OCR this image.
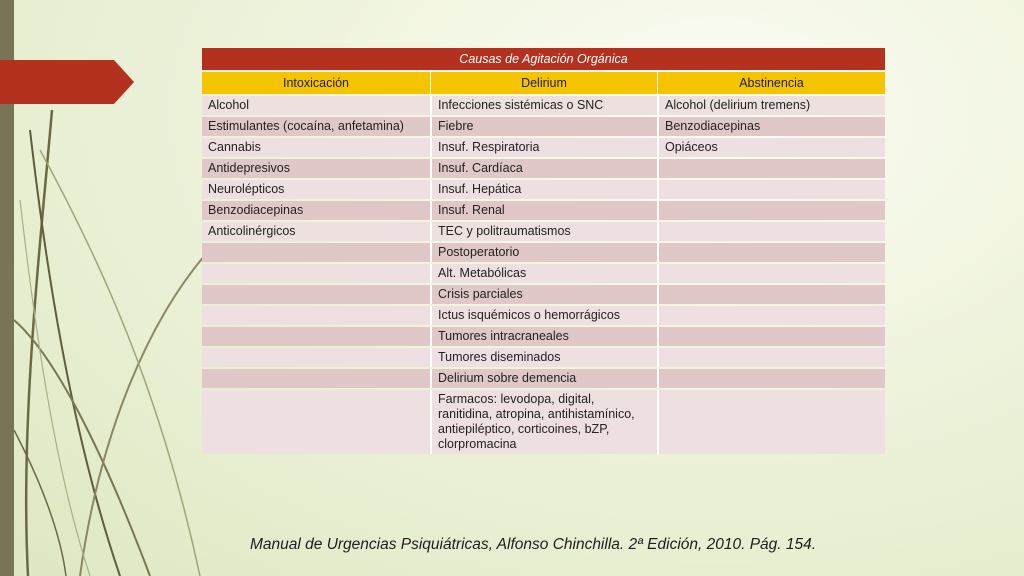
Causas de Agitación Orgánica		
Intoxicación	Delirium	Abstinencia
Alcohol	Infecciones sistémicas o SNC	Alcohol (delirium tremens)
Estimulantes (cocaína, anfetamina)	Fiebre	Benzodiacepinas
Cannabis	Insuf. Respiratoria	Opiáceos
Antidepresivos	Insuf. Cardíaca	
Neurolépticos	Insuf. Hepática	
Benzodiacepinas	Insuf. Renal	
Anticolinérgicos	TEC y politraumatismos	
	Postoperatorio	
	Alt. Metabólicas	
	Crisis parciales	
	Ictus isquémicos o hemorrágicos	
	Tumores intracraneales	
	Tumores diseminados	
	Delirium sobre demencia	
	Farmacos: levodopa, digital, ranitidina, atropina, antihistamínico, antiepiléptico, corticoines, bZP, clorpromacina	
Manual de Urgencias Psiquiátricas, Alfonso Chinchilla. 2ª Edición, 2010. Pág. 154.
